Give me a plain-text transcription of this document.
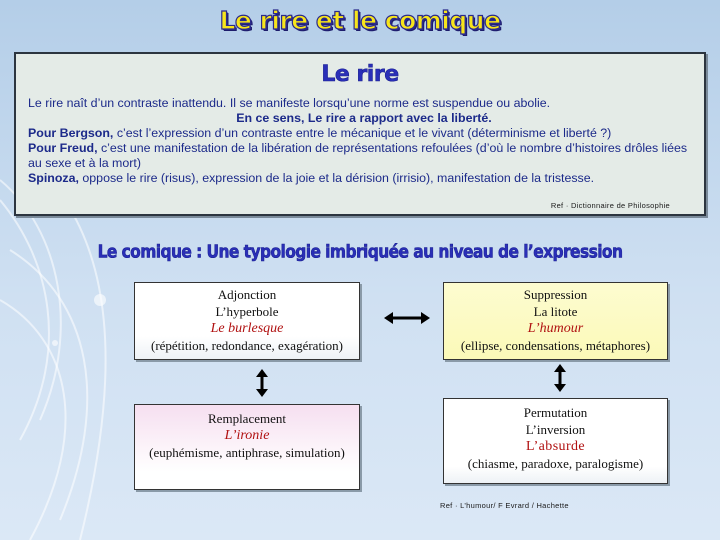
Le rire et le comique
Le rire

Le rire naît d’un contraste inattendu. Il se manifeste lorsqu’une norme est suspendue ou abolie.

En ce sens, Le rire a rapport avec la liberté.

Pour Bergson, c’est l’expression d’un contraste entre le mécanique et le vivant (déterminisme et liberté ?)

Pour Freud, c’est une manifestation de la libération de représentations refoulées (d’où le nombre d’histoires drôles liées au sexe et à la mort)

Spinoza, oppose le rire (risus), expression de la joie et la dérision (irrisio), manifestation de la tristesse.

Ref · Dictionnaire de Philosophie
Le comique : Une typologie imbriquée au niveau de l’expression
Adjonction
L’hyperbole
Le burlesque
(répétition, redondance, exagération)
Suppression
La litote
L’humour
(ellipse, condensations, métaphores)
Remplacement
L’ironie
(euphémisme, antiphrase, simulation)
Permutation
L’inversion
L’absurde
(chiasme, paradoxe, paralogisme)
Ref · L’humour/ F Evrard / Hachette
